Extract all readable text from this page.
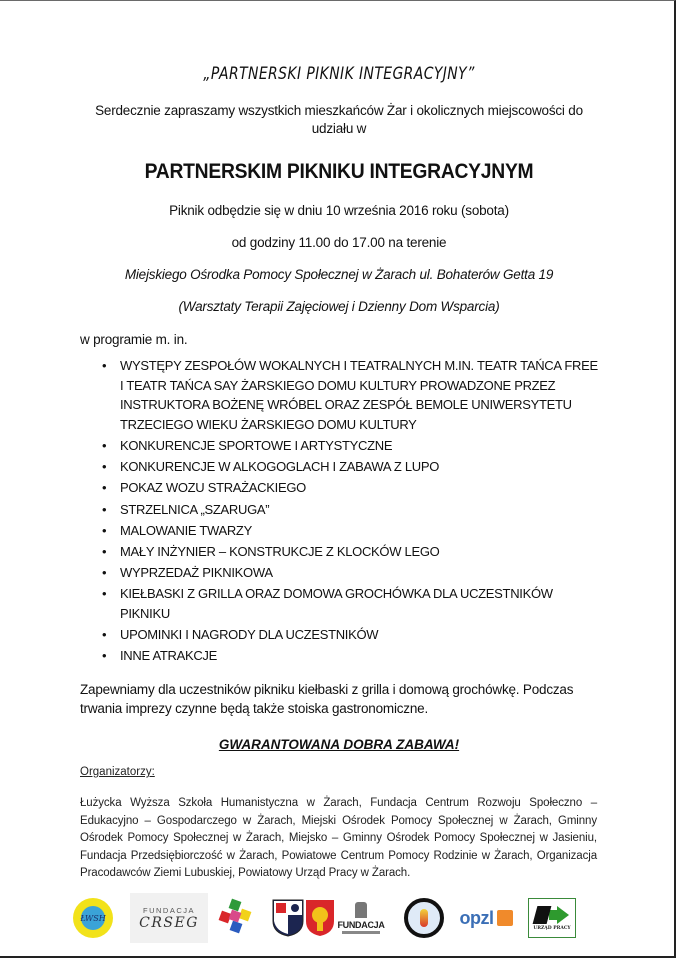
„PARTNERSKI PIKNIK INTEGRACYJNY”
Serdecznie zapraszamy wszystkich mieszkańców Żar i okolicznych miejscowości do udziału w
PARTNERSKIM PIKNIKU INTEGRACYJNYM
Piknik odbędzie się w dniu 10 września 2016 roku (sobota)
od godziny 11.00 do 17.00 na terenie
Miejskiego Ośrodka Pomocy Społecznej w Żarach ul. Bohaterów Getta 19
(Warsztaty Terapii Zajęciowej i Dzienny Dom Wsparcia)
w programie m. in.
• WYSTĘPY ZESPOŁÓW WOKALNYCH I TEATRALNYCH M.IN. TEATR TAŃCA FREE I TEATR TAŃCA SAY ŻARSKIEGO DOMU KULTURY PROWADZONE PRZEZ INSTRUKTORA BOŻENĘ WRÓBEL ORAZ ZESPÓŁ BEMOLE UNIWERSYTETU TRZECIEGO WIEKU ŻARSKIEGO DOMU KULTURY
• KONKURENCJE SPORTOWE I ARTYSTYCZNE
• KONKURENCJE W ALKOGOGLACH I ZABAWA Z LUPO
• POKAZ WOZU STRAŻACKIEGO
• STRZELNICA „SZARUGA”
• MALOWANIE TWARZY
• MAŁY INŻYNIER – KONSTRUKCJE Z KLOCKÓW LEGO
• WYPRZEDAŻ PIKNIKOWA
• KIEŁBASKI Z GRILLA ORAZ DOMOWA GROCHÓWKA DLA UCZESTNIKÓW PIKNIKU
• UPOMINKI I NAGRODY DLA UCZESTNIKÓW
• INNE ATRAKCJE
Zapewniamy dla uczestników pikniku kiełbaski z grilla i domową grochówkę. Podczas trwania imprezy czynne będą także stoiska gastronomiczne.
GWARANTOWANA DOBRA ZABAWA!
Organizatorzy:
Łużycka Wyższa Szkoła Humanistyczna w Żarach, Fundacja Centrum Rozwoju Społeczno – Edukacyjno – Gospodarczego w Żarach, Miejski Ośrodek Pomocy Społecznej w Żarach, Gminny Ośrodek Pomocy Społecznej w Żarach, Miejsko – Gminny Ośrodek Pomocy Społecznej w Jasieniu, Fundacja Przedsiębiorczość w Żarach, Powiatowe Centrum Pomocy Rodzinie w Żarach, Organizacja Pracodawców Ziemi Lubuskiej, Powiatowy Urząd Pracy w Żarach.
ŁWSH
FUNDACJA
CRSEG	FUNDACJA	opzl
URZĄD PRACY
